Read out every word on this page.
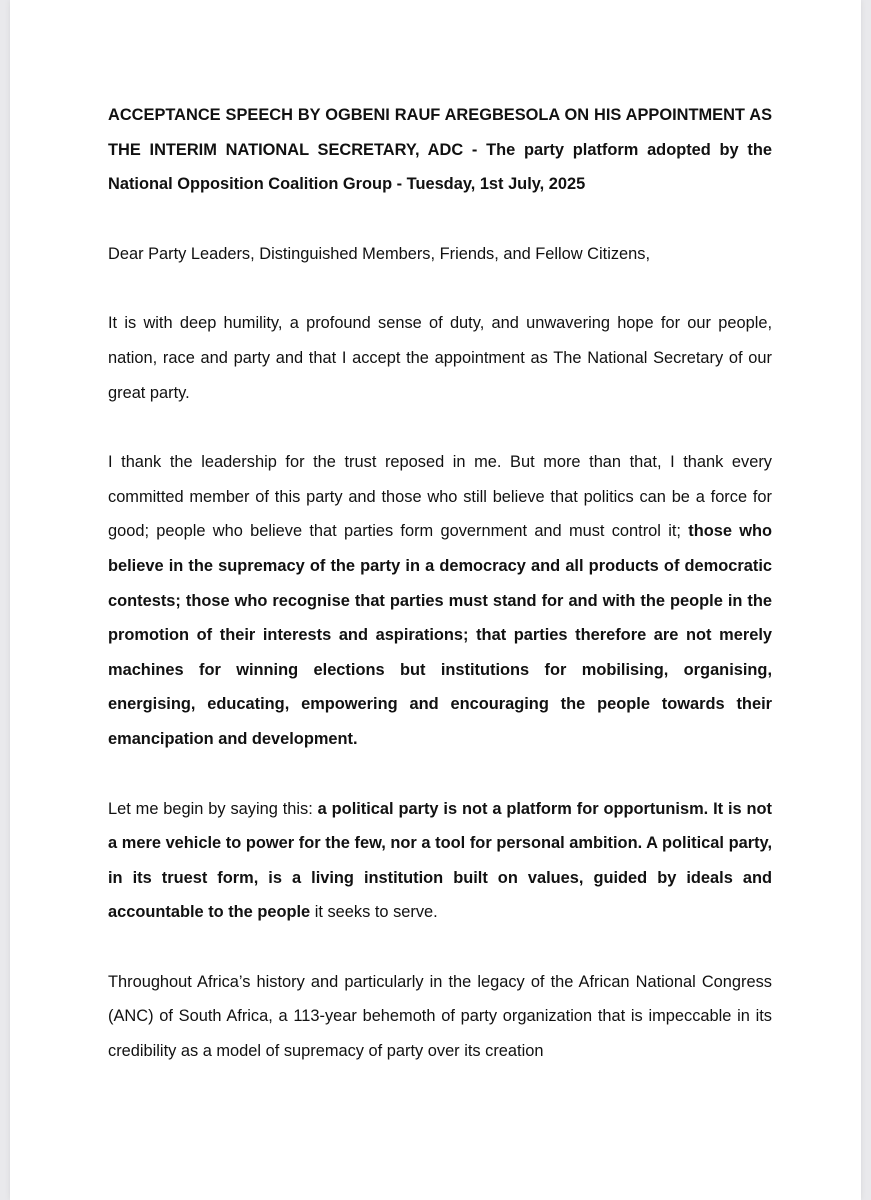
ACCEPTANCE SPEECH BY OGBENI RAUF AREGBESOLA ON HIS APPOINTMENT AS THE INTERIM NATIONAL SECRETARY, ADC - The party platform adopted by the National Opposition Coalition Group - Tuesday, 1st July, 2025

Dear Party Leaders, Distinguished Members, Friends, and Fellow Citizens,

It is with deep humility, a profound sense of duty, and unwavering hope for our people, nation, race and party and that I accept the appointment as The National Secretary of our great party.

I thank the leadership for the trust reposed in me. But more than that, I thank every committed member of this party and those who still believe that politics can be a force for good; people who believe that parties form government and must control it; those who believe in the supremacy of the party in a democracy and all products of democratic contests; those who recognise that parties must stand for and with the people in the promotion of their interests and aspirations; that parties therefore are not merely machines for winning elections but institutions for mobilising, organising, energising, educating, empowering and encouraging the people towards their emancipation and development.

Let me begin by saying this: a political party is not a platform for opportunism. It is not a mere vehicle to power for the few, nor a tool for personal ambition. A political party, in its truest form, is a living institution built on values, guided by ideals and accountable to the people it seeks to serve.

Throughout Africa’s history and particularly in the legacy of the African National Congress (ANC) of South Africa, a 113-year behemoth of party organization that is impeccable in its credibility as a model of supremacy of party over its creation
